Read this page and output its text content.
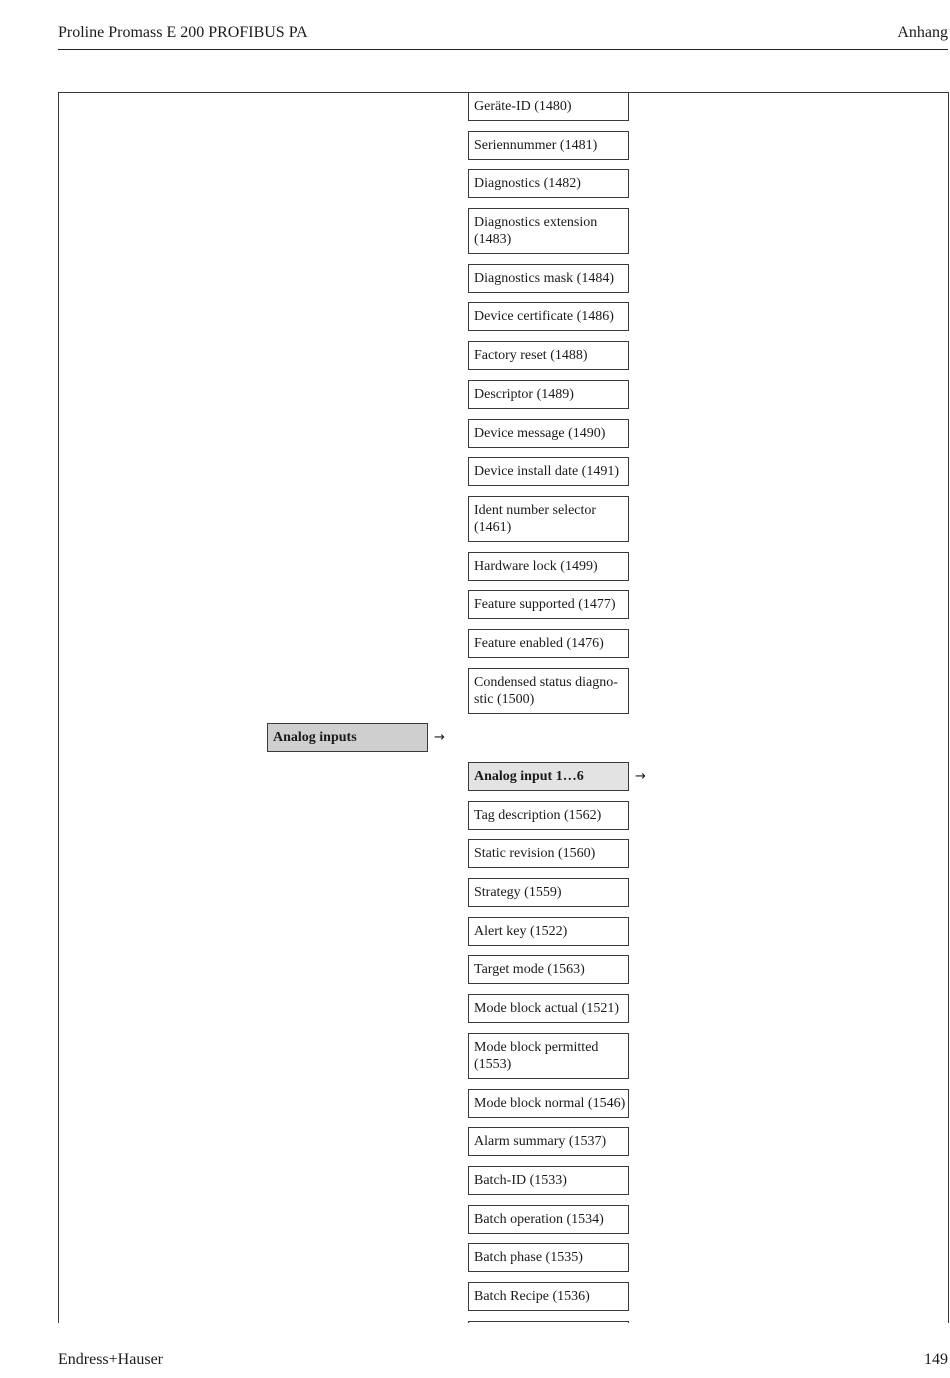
Proline Promass E 200 PROFIBUS PA	Anhang
Geräte-ID (1480)
Seriennummer (1481)
Diagnostics (1482)
Diagnostics extension
(1483)
Diagnostics mask (1484)
Device certificate (1486)
Factory reset (1488)
Descriptor (1489)
Device message (1490)
Device install date (1491)
Ident number selector
(1461)
Hardware lock (1499)
Feature supported (1477)
Feature enabled (1476)
Condensed status diagno-
stic (1500)
Analog inputs	→
Analog input 1…6	→
Tag description (1562)
Static revision (1560)
Strategy (1559)
Alert key (1522)
Target mode (1563)
Mode block actual (1521)
Mode block permitted
(1553)
Mode block normal (1546)
Alarm summary (1537)
Batch-ID (1533)
Batch operation (1534)
Batch phase (1535)
Batch Recipe (1536)
Endress+Hauser	149
